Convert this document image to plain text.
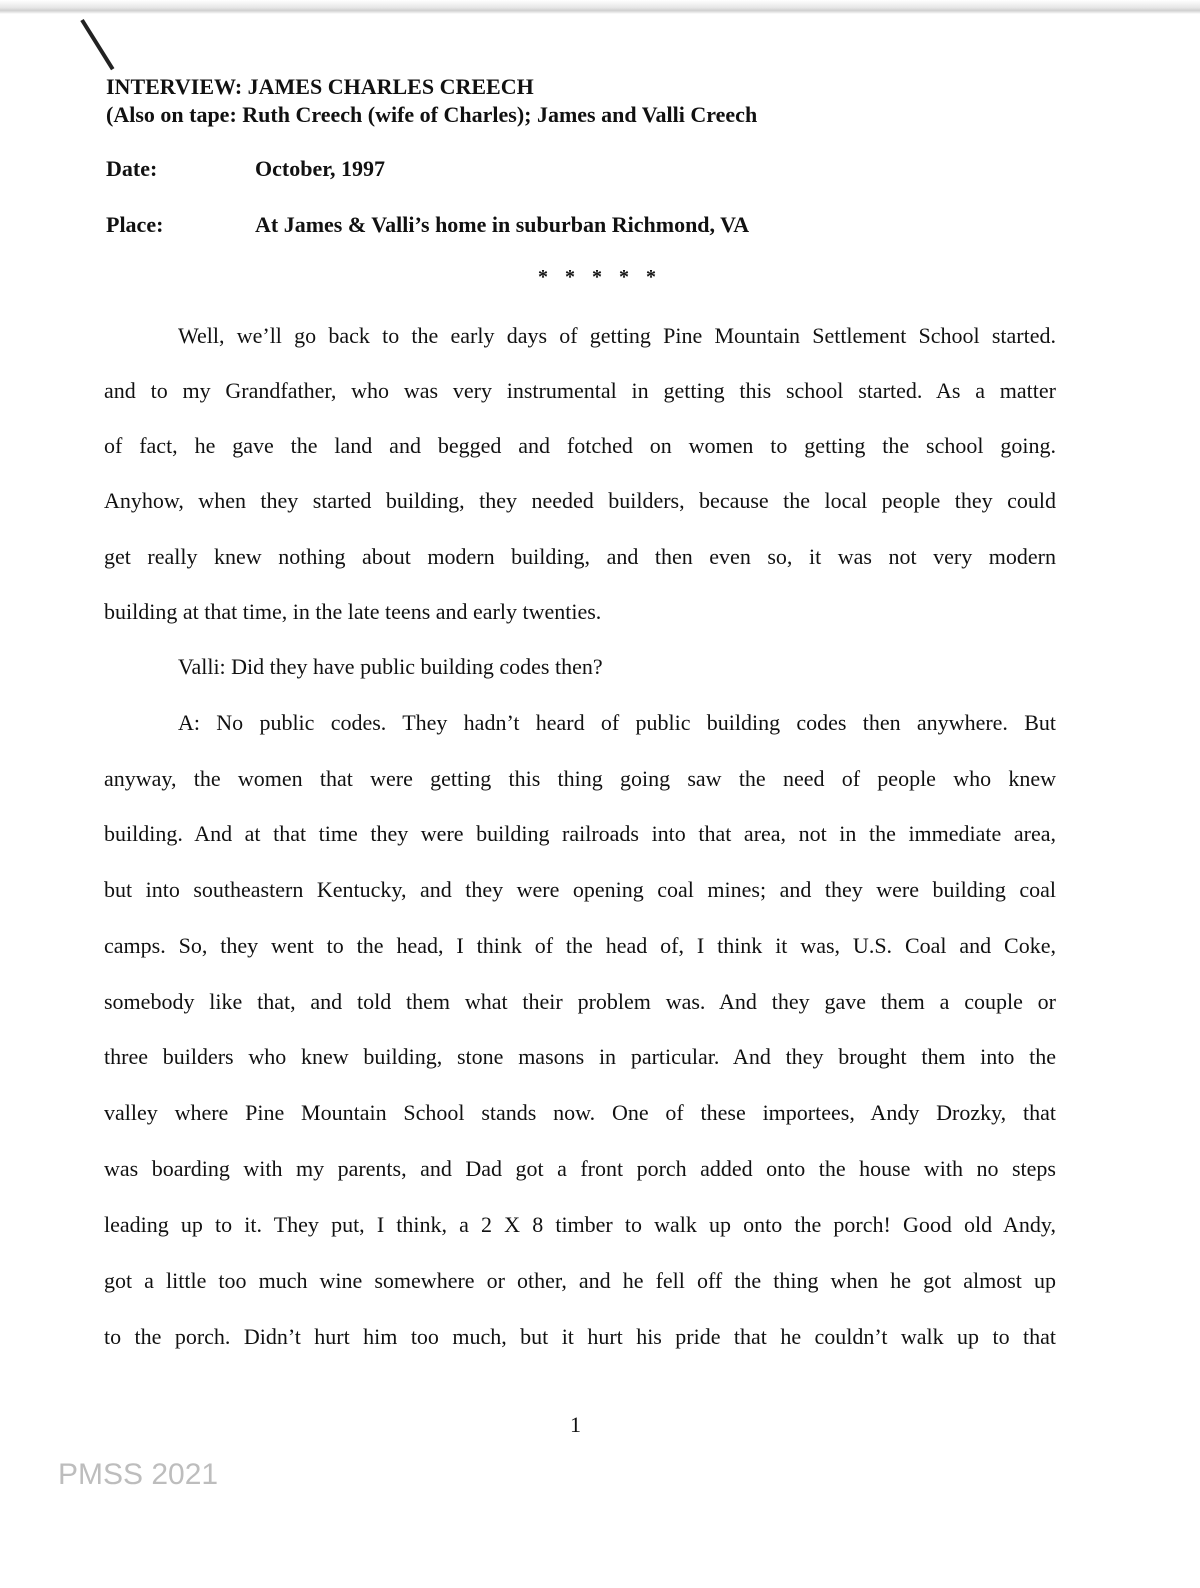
INTERVIEW: JAMES CHARLES CREECH
(Also on tape: Ruth Creech (wife of Charles); James and Valli Creech
Date:	October, 1997
Place:	At James & Valli’s home in suburban Richmond, VA
* * * * *
Well, we’ll go back to the early days of getting Pine Mountain Settlement School started.
and to my Grandfather, who was very instrumental in getting this school started. As a matter
of fact, he gave the land and begged and fotched on women to getting the school going.
Anyhow, when they started building, they needed builders, because the local people they could
get really knew nothing about modern building, and then even so, it was not very modern
building at that time, in the late teens and early twenties.
Valli: Did they have public building codes then?
A: No public codes. They hadn’t heard of public building codes then anywhere. But
anyway, the women that were getting this thing going saw the need of people who knew
building. And at that time they were building railroads into that area, not in the immediate area,
but into southeastern Kentucky, and they were opening coal mines; and they were building coal
camps. So, they went to the head, I think of the head of, I think it was, U.S. Coal and Coke,
somebody like that, and told them what their problem was. And they gave them a couple or
three builders who knew building, stone masons in particular. And they brought them into the
valley where Pine Mountain School stands now. One of these importees, Andy Drozky, that
was boarding with my parents, and Dad got a front porch added onto the house with no steps
leading up to it. They put, I think, a 2 X 8 timber to walk up onto the porch! Good old Andy,
got a little too much wine somewhere or other, and he fell off the thing when he got almost up
to the porch. Didn’t hurt him too much, but it hurt his pride that he couldn’t walk up to that
1
PMSS 2021
